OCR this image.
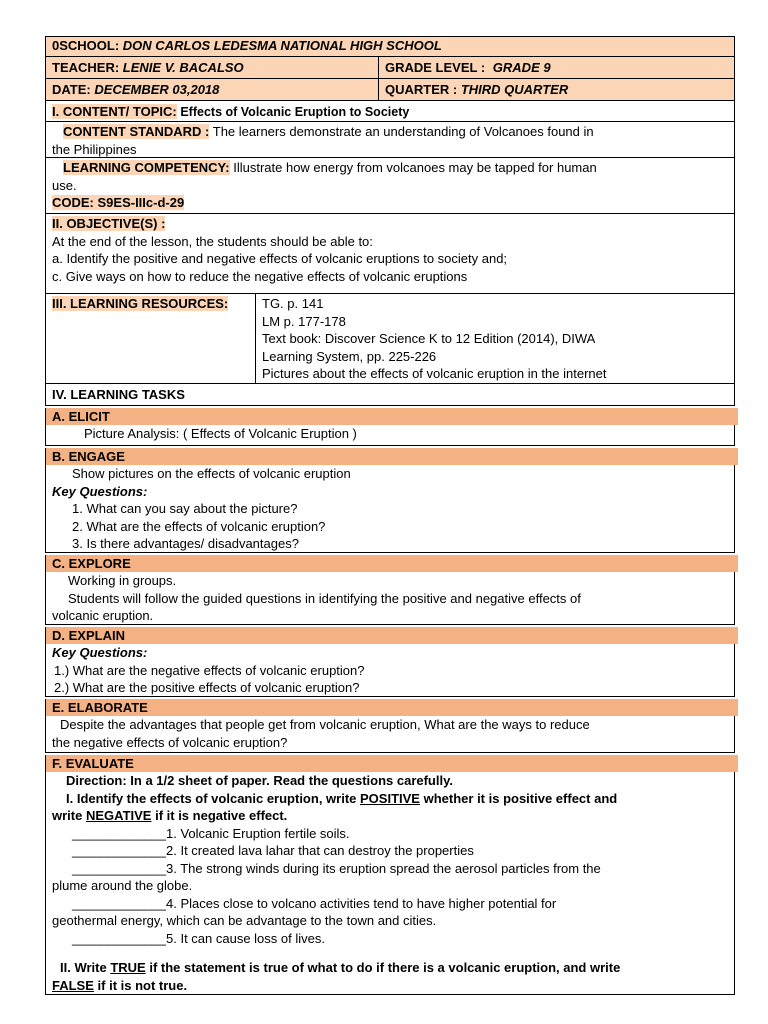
0SCHOOL: DON CARLOS LEDESMA NATIONAL HIGH SCHOOL
TEACHER: LENIE V. BACALSO	GRADE LEVEL : GRADE 9
DATE: DECEMBER 03,2018	QUARTER : THIRD QUARTER
I. CONTENT/ TOPIC: Effects of Volcanic Eruption to Society
CONTENT STANDARD : The learners demonstrate an understanding of Volcanoes found in
the Philippines
LEARNING COMPETENCY: Illustrate how energy from volcanoes may be tapped for human
use.
CODE: S9ES-IIIc-d-29
II. OBJECTIVE(S) :
At the end of the lesson, the students should be able to:
a. Identify the positive and negative effects of volcanic eruptions to society and;
c. Give ways on how to reduce the negative effects of volcanic eruptions
III. LEARNING RESOURCES:	TG. p. 141
LM p. 177-178
Text book: Discover Science K to 12 Edition (2014), DIWA
Learning System, pp. 225-226
Pictures about the effects of volcanic eruption in the internet
IV. LEARNING TASKS
A. ELICIT
Picture Analysis: ( Effects of Volcanic Eruption )
B. ENGAGE
Show pictures on the effects of volcanic eruption
Key Questions:
1. What can you say about the picture?
2. What are the effects of volcanic eruption?
3. Is there advantages/ disadvantages?
C. EXPLORE
Working in groups.
Students will follow the guided questions in identifying the positive and negative effects of
volcanic eruption.
D. EXPLAIN
Key Questions:
1.) What are the negative effects of volcanic eruption?
2.) What are the positive effects of volcanic eruption?
E. ELABORATE
Despite the advantages that people get from volcanic eruption, What are the ways to reduce
the negative effects of volcanic eruption?
F. EVALUATE
Direction: In a 1/2 sheet of paper. Read the questions carefully.
I. Identify the effects of volcanic eruption, write POSITIVE whether it is positive effect and
write NEGATIVE if it is negative effect.
_____________1. Volcanic Eruption fertile soils.
_____________2. It created lava lahar that can destroy the properties
_____________3. The strong winds during its eruption spread the aerosol particles from the
plume around the globe.
_____________4. Places close to volcano activities tend to have higher potential for
geothermal energy, which can be advantage to the town and cities.
_____________5. It can cause loss of lives.
II. Write TRUE if the statement is true of what to do if there is a volcanic eruption, and write
FALSE if it is not true.
